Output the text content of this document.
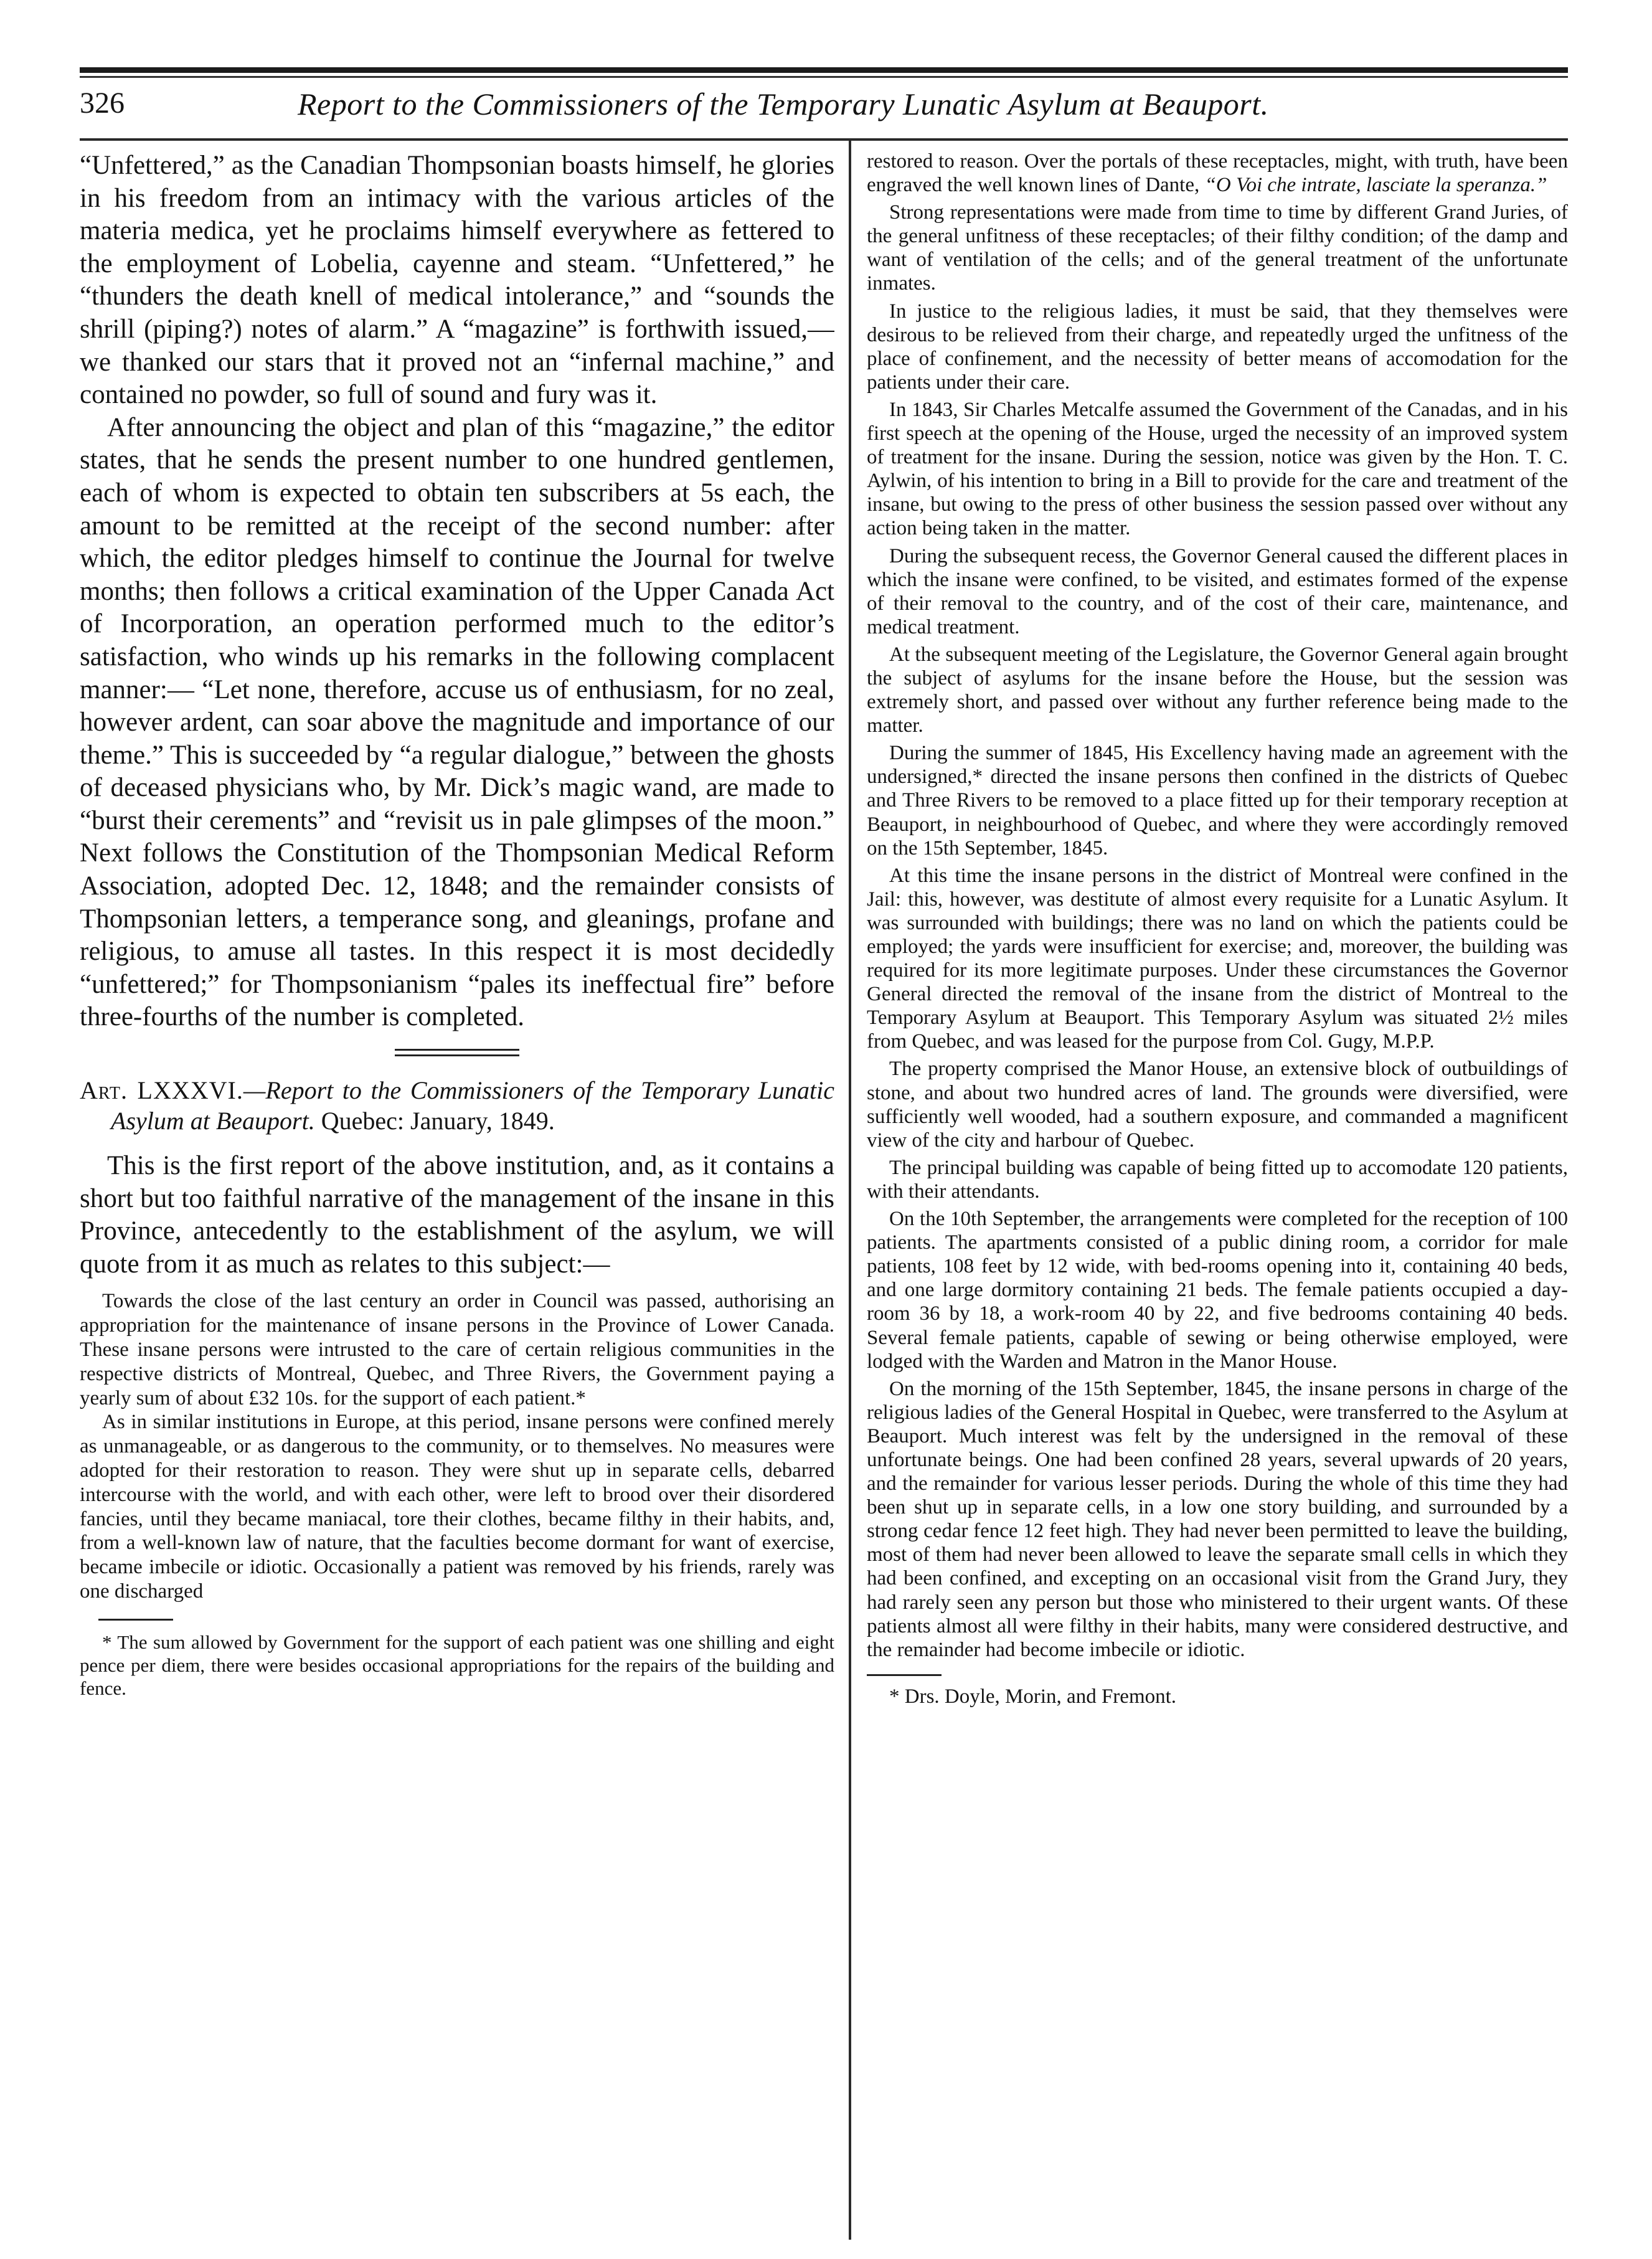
326	Report to the Commissioners of the Temporary Lunatic Asylum at Beauport.

“Unfettered,” as the Canadian Thompsonian boasts himself, he glories in his freedom from an intimacy with the various articles of the materia medica, yet he proclaims himself everywhere as fettered to the employment of Lobelia, cayenne and steam. “Unfettered,” he “thunders the death knell of medical intolerance,” and “sounds the shrill (piping?) notes of alarm.” A “magazine” is forthwith issued,—we thanked our stars that it proved not an “infernal machine,” and contained no powder, so full of sound and fury was it.

After announcing the object and plan of this “magazine,” the editor states, that he sends the present number to one hundred gentlemen, each of whom is expected to obtain ten subscribers at 5s each, the amount to be remitted at the receipt of the second number: after which, the editor pledges himself to continue the Journal for twelve months; then follows a critical examination of the Upper Canada Act of Incorporation, an operation performed much to the editor’s satisfaction, who winds up his remarks in the following complacent manner:— “Let none, therefore, accuse us of enthusiasm, for no zeal, however ardent, can soar above the magnitude and importance of our theme.” This is succeeded by “a regular dialogue,” between the ghosts of deceased physicians who, by Mr. Dick’s magic wand, are made to “burst their cerements” and “revisit us in pale glimpses of the moon.” Next follows the Constitution of the Thompsonian Medical Reform Association, adopted Dec. 12, 1848; and the remainder consists of Thompsonian letters, a temperance song, and gleanings, profane and religious, to amuse all tastes. In this respect it is most decidedly “unfettered;” for Thompsonianism “pales its ineffectual fire” before three-fourths of the number is completed.

Art. LXXXVI.—Report to the Commissioners of the Temporary Lunatic Asylum at Beauport. Quebec: January, 1849.

This is the first report of the above institution, and, as it contains a short but too faithful narrative of the management of the insane in this Province, antecedently to the establishment of the asylum, we will quote from it as much as relates to this subject:—

Towards the close of the last century an order in Council was passed, authorising an appropriation for the maintenance of insane persons in the Province of Lower Canada. These insane persons were intrusted to the care of certain religious communities in the respective districts of Montreal, Quebec, and Three Rivers, the Government paying a yearly sum of about £32 10s. for the support of each patient.*

As in similar institutions in Europe, at this period, insane persons were confined merely as unmanageable, or as dangerous to the community, or to themselves. No measures were adopted for their restoration to reason. They were shut up in separate cells, debarred intercourse with the world, and with each other, were left to brood over their disordered fancies, until they became maniacal, tore their clothes, became filthy in their habits, and, from a well-known law of nature, that the faculties become dormant for want of exercise, became imbecile or idiotic. Occasionally a patient was removed by his friends, rarely was one discharged

* The sum allowed by Government for the support of each patient was one shilling and eight pence per diem, there were besides occasional appropriations for the repairs of the building and fence.

restored to reason. Over the portals of these receptacles, might, with truth, have been engraved the well known lines of Dante, “O Voi che intrate, lasciate la speranza.”

Strong representations were made from time to time by different Grand Juries, of the general unfitness of these receptacles; of their filthy condition; of the damp and want of ventilation of the cells; and of the general treatment of the unfortunate inmates.

In justice to the religious ladies, it must be said, that they themselves were desirous to be relieved from their charge, and repeatedly urged the unfitness of the place of confinement, and the necessity of better means of accomodation for the patients under their care.

In 1843, Sir Charles Metcalfe assumed the Government of the Canadas, and in his first speech at the opening of the House, urged the necessity of an improved system of treatment for the insane. During the session, notice was given by the Hon. T. C. Aylwin, of his intention to bring in a Bill to provide for the care and treatment of the insane, but owing to the press of other business the session passed over without any action being taken in the matter.

During the subsequent recess, the Governor General caused the different places in which the insane were confined, to be visited, and estimates formed of the expense of their removal to the country, and of the cost of their care, maintenance, and medical treatment.

At the subsequent meeting of the Legislature, the Governor General again brought the subject of asylums for the insane before the House, but the session was extremely short, and passed over without any further reference being made to the matter.

During the summer of 1845, His Excellency having made an agreement with the undersigned,* directed the insane persons then confined in the districts of Quebec and Three Rivers to be removed to a place fitted up for their temporary reception at Beauport, in neighbourhood of Quebec, and where they were accordingly removed on the 15th September, 1845.

At this time the insane persons in the district of Montreal were confined in the Jail: this, however, was destitute of almost every requisite for a Lunatic Asylum. It was surrounded with buildings; there was no land on which the patients could be employed; the yards were insufficient for exercise; and, moreover, the building was required for its more legitimate purposes. Under these circumstances the Governor General directed the removal of the insane from the district of Montreal to the Temporary Asylum at Beauport. This Temporary Asylum was situated 2½ miles from Quebec, and was leased for the purpose from Col. Gugy, M.P.P.

The property comprised the Manor House, an extensive block of outbuildings of stone, and about two hundred acres of land. The grounds were diversified, were sufficiently well wooded, had a southern exposure, and commanded a magnificent view of the city and harbour of Quebec.

The principal building was capable of being fitted up to accomodate 120 patients, with their attendants.

On the 10th September, the arrangements were completed for the reception of 100 patients. The apartments consisted of a public dining room, a corridor for male patients, 108 feet by 12 wide, with bed-rooms opening into it, containing 40 beds, and one large dormitory containing 21 beds. The female patients occupied a day-room 36 by 18, a work-room 40 by 22, and five bedrooms containing 40 beds. Several female patients, capable of sewing or being otherwise employed, were lodged with the Warden and Matron in the Manor House.

On the morning of the 15th September, 1845, the insane persons in charge of the religious ladies of the General Hospital in Quebec, were transferred to the Asylum at Beauport. Much interest was felt by the undersigned in the removal of these unfortunate beings. One had been confined 28 years, several upwards of 20 years, and the remainder for various lesser periods. During the whole of this time they had been shut up in separate cells, in a low one story building, and surrounded by a strong cedar fence 12 feet high. They had never been permitted to leave the building, most of them had never been allowed to leave the separate small cells in which they had been confined, and excepting on an occasional visit from the Grand Jury, they had rarely seen any person but those who ministered to their urgent wants. Of these patients almost all were filthy in their habits, many were considered destructive, and the remainder had become imbecile or idiotic.

* Drs. Doyle, Morin, and Fremont.
